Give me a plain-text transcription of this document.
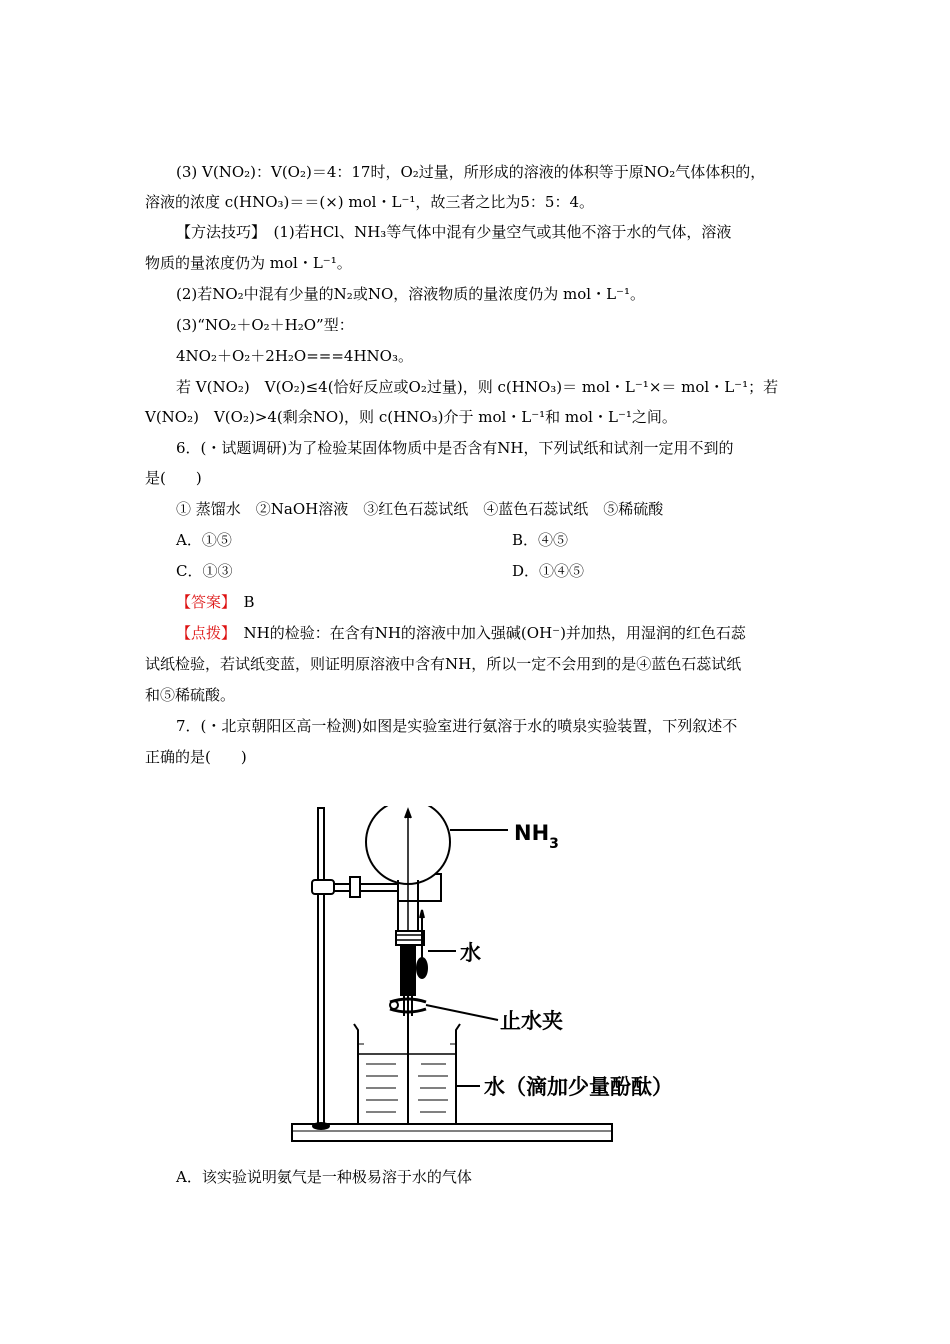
(3) V(NO₂)：V(O₂)＝4：17时，O₂过量，所形成的溶液的体积等于原NO₂气体体积的，
溶液的浓度 c(HNO₃)＝＝(×) mol・L⁻¹，故三者之比为5：5：4。
【方法技巧】　(1)若HCl、NH₃等气体中混有少量空气或其他不溶于水的气体，溶液
物质的量浓度仍为 mol・L⁻¹。
(2)若NO₂中混有少量的N₂或NO，溶液物质的量浓度仍为 mol・L⁻¹。
(3)“NO₂＋O₂＋H₂O”型：
4NO₂＋O₂＋2H₂O===4HNO₃。
若 V(NO₂)　V(O₂)≤4(恰好反应或O₂过量)，则 c(HNO₃)＝ mol・L⁻¹×＝ mol・L⁻¹；若
V(NO₂)　V(O₂)>4(剩余NO)，则 c(HNO₃)介于 mol・L⁻¹和 mol・L⁻¹之间。
6．(・试题调研)为了检验某固体物质中是否含有NH，下列试纸和试剂一定用不到的
是(　　)
① 蒸馏水　②NaOH溶液　③红色石蕊试纸　④蓝色石蕊试纸　⑤稀硫酸
A．①⑤	B．④⑤
C．①③	D．①④⑤
【答案】　B
【点拨】　NH的检验：在含有NH的溶液中加入强碱(OH⁻)并加热，用湿润的红色石蕊
试纸检验，若试纸变蓝，则证明原溶液中含有NH，所以一定不会用到的是④蓝色石蕊试纸
和⑤稀硫酸。
7．(・北京朝阳区高一检测)如图是实验室进行氨溶于水的喷泉实验装置，下列叙述不
正确的是(　　)
$NH_3$
水
止水夹
水（滴加少量酚酞）
A．该实验说明氨气是一种极易溶于水的气体
